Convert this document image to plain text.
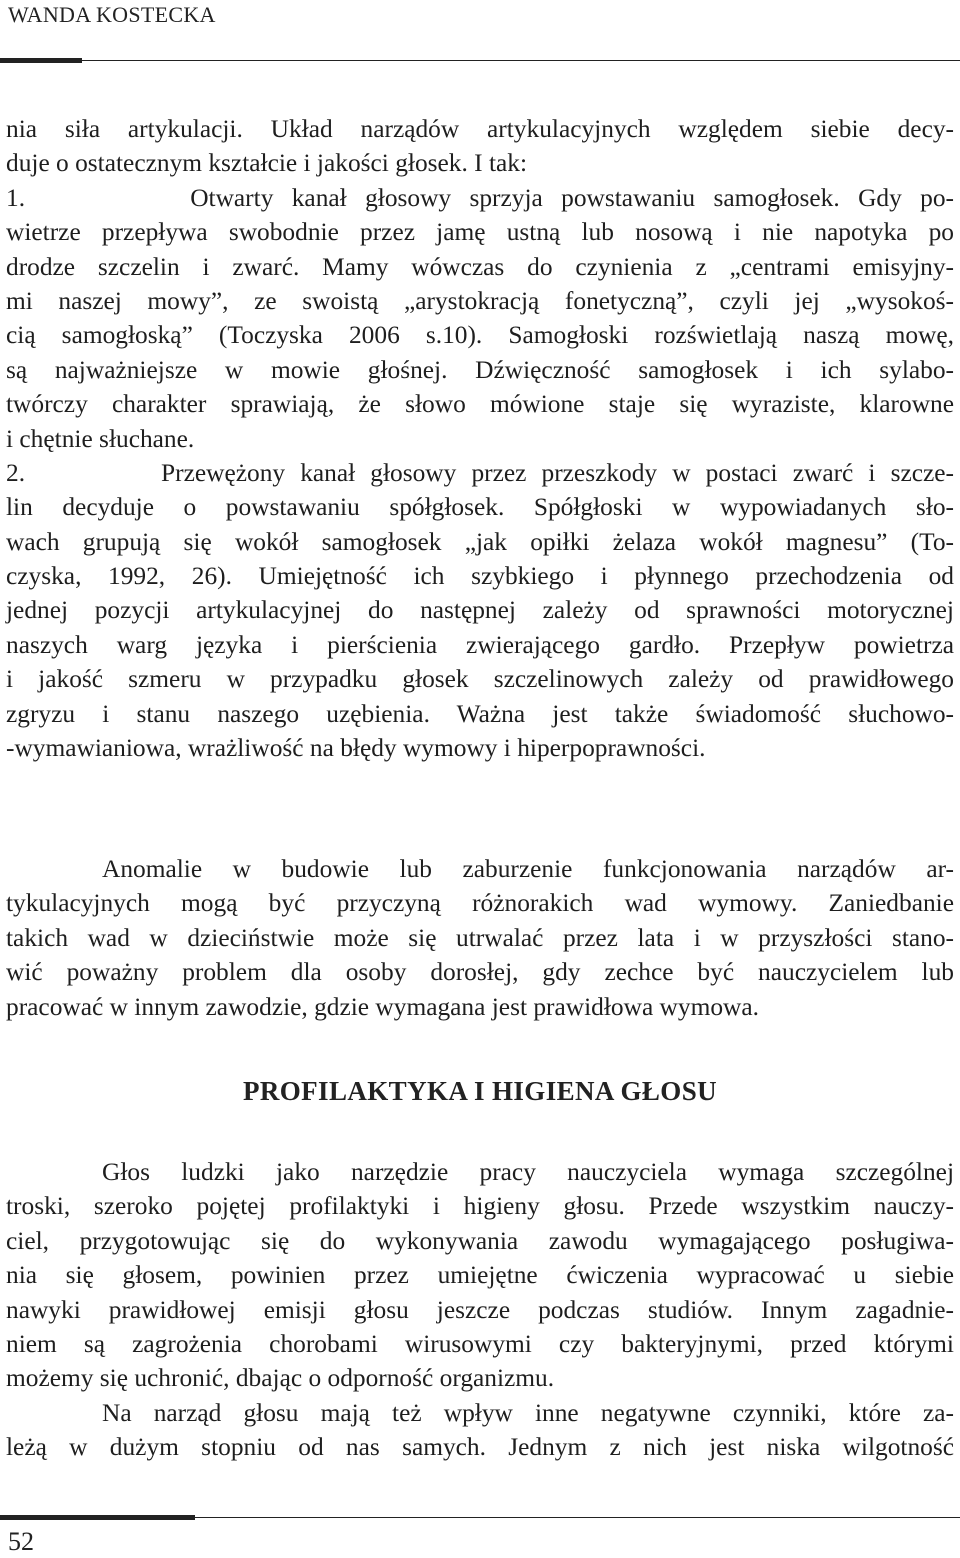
WANDA KOSTECKA
nia siła artykulacji. Układ narządów artykulacyjnych względem siebie decy-
duje o ostatecznym kształcie i jakości głosek. I tak:
1.         Otwarty kanał głosowy sprzyja powstawaniu samogłosek. Gdy po-
wietrze przepływa swobodnie przez jamę ustną lub nosową i nie napotyka po
drodze szczelin i zwarć. Mamy wówczas do czynienia z „centrami emisyjny-
mi naszej mowy”, ze swoistą „arystokracją fonetyczną”, czyli jej „wysokoś-
cią samogłoską” (Toczyska 2006 s.10). Samogłoski rozświetlają naszą mowę,
są najważniejsze w mowie głośnej. Dźwięczność samogłosek i ich sylabo-
twórczy charakter sprawiają, że słowo mówione staje się wyraziste, klarowne
i chętnie słuchane.
2.         Przewężony kanał głosowy przez przeszkody w postaci zwarć i szcze-
lin decyduje o powstawaniu spółgłosek. Spółgłoski w wypowiadanych sło-
wach grupują się wokół samogłosek „jak opiłki żelaza wokół magnesu” (To-
czyska, 1992, 26). Umiejętność ich szybkiego i płynnego przechodzenia od
jednej pozycji artykulacyjnej do następnej zależy od sprawności motorycznej
naszych warg języka i pierścienia zwierającego gardło. Przepływ powietrza
i jakość szmeru w przypadku głosek szczelinowych zależy od prawidłowego
zgryzu i stanu naszego uzębienia. Ważna jest także świadomość słuchowo-
-wymawianiowa, wrażliwość na błędy wymowy i hiperpoprawności.
Anomalie w budowie lub zaburzenie funkcjonowania narządów ar-
tykulacyjnych mogą być przyczyną różnorakich wad wymowy. Zaniedbanie
takich wad w dzieciństwie może się utrwalać przez lata i w przyszłości stano-
wić poważny problem dla osoby dorosłej, gdy zechce być nauczycielem lub
pracować w innym zawodzie, gdzie wymagana jest prawidłowa wymowa.
PROFILAKTYKA I HIGIENA GŁOSU
Głos ludzki jako narzędzie pracy nauczyciela wymaga szczególnej
troski, szeroko pojętej profilaktyki i higieny głosu. Przede wszystkim nauczy-
ciel, przygotowując się do wykonywania zawodu wymagającego posługiwa-
nia się głosem, powinien przez umiejętne ćwiczenia wypracować u siebie
nawyki prawidłowej emisji głosu jeszcze podczas studiów. Innym zagadnie-
niem są zagrożenia chorobami wirusowymi czy bakteryjnymi, przed którymi
możemy się uchronić, dbając o odporność organizmu.
Na narząd głosu mają też wpływ inne negatywne czynniki, które za-
leżą w dużym stopniu od nas samych. Jednym z nich jest niska wilgotność
52
